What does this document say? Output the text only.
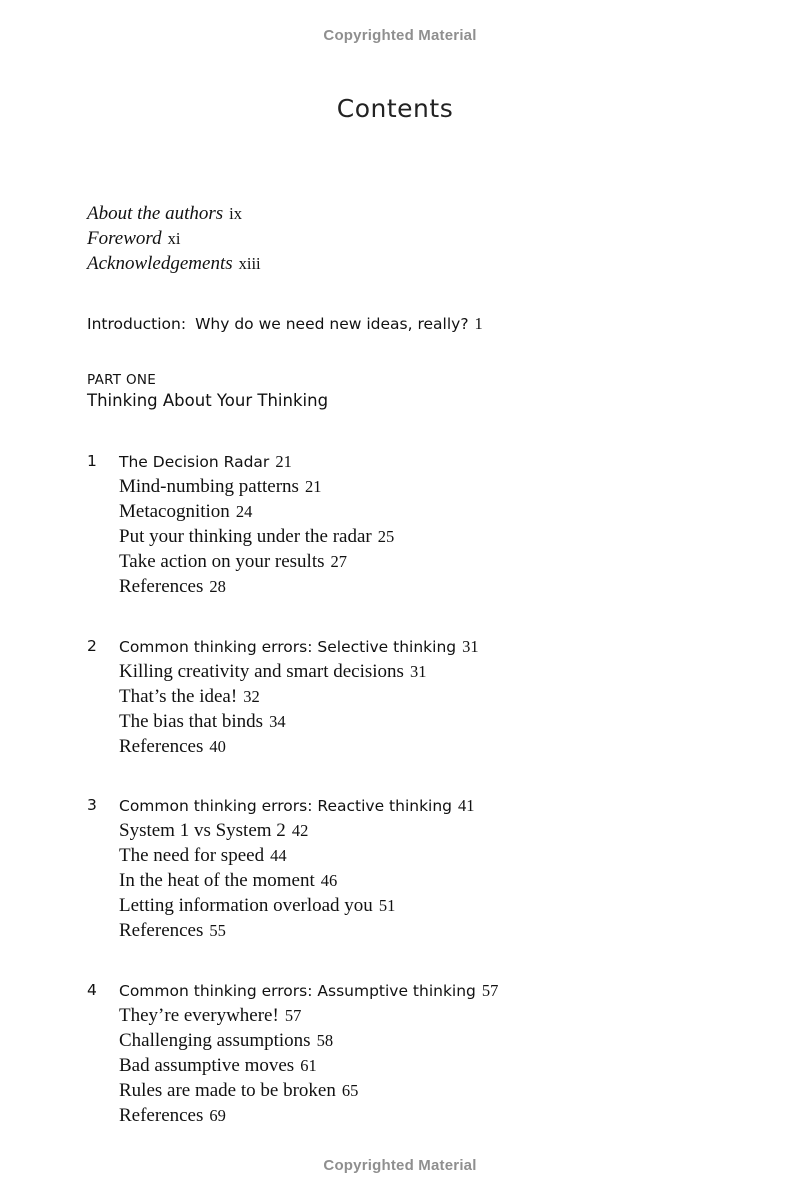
Copyrighted Material
Contents
About the authors ix
Foreword xi
Acknowledgements xiii
Introduction: Why do we need new ideas, really? 1
PART ONE
Thinking About Your Thinking
1	The Decision Radar 21
Mind-numbing patterns 21
Metacognition 24
Put your thinking under the radar 25
Take action on your results 27
References 28
2	Common thinking errors: Selective thinking 31
Killing creativity and smart decisions 31
That’s the idea! 32
The bias that binds 34
References 40
3	Common thinking errors: Reactive thinking 41
System 1 vs System 2 42
The need for speed 44
In the heat of the moment 46
Letting information overload you 51
References 55
4	Common thinking errors: Assumptive thinking 57
They’re everywhere! 57
Challenging assumptions 58
Bad assumptive moves 61
Rules are made to be broken 65
References 69
Copyrighted Material
